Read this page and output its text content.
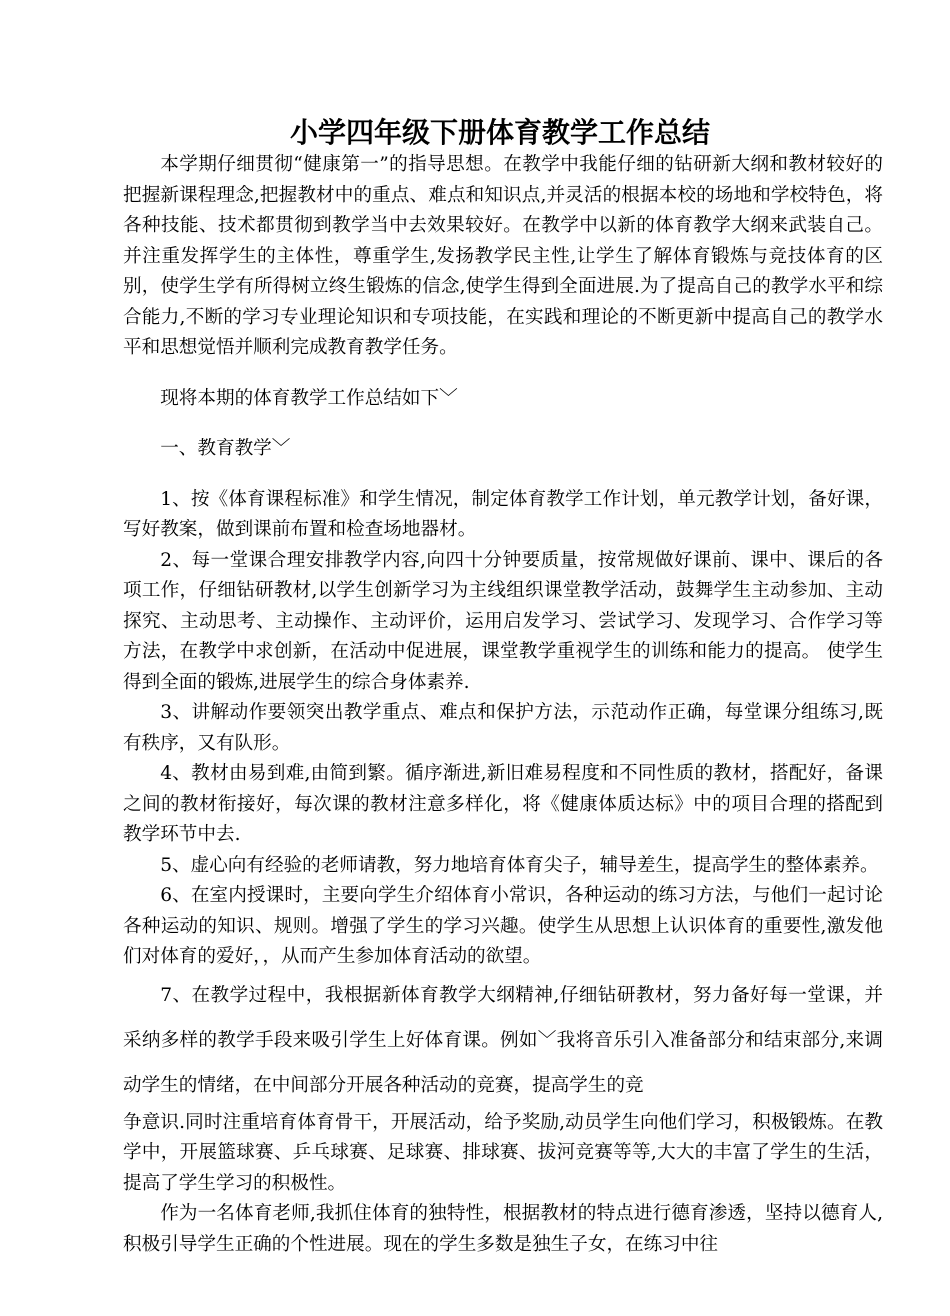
小学四年级下册体育教学工作总结

本学期仔细贯彻“健康第一”的指导思想。在教学中我能仔细的钻研新大纲和教材较好的把握新课程理念,把握教材中的重点、难点和知识点,并灵活的根据本校的场地和学校特色，将各种技能、技术都贯彻到教学当中去效果较好。在教学中以新的体育教学大纲来武装自己。并注重发挥学生的主体性，尊重学生,发扬教学民主性,让学生了解体育锻炼与竞技体育的区别，使学生学有所得树立终生锻炼的信念,使学生得到全面进展.为了提高自己的教学水平和综合能力,不断的学习专业理论知识和专项技能，在实践和理论的不断更新中提高自己的教学水平和思想觉悟并顺利完成教育教学任务。

现将本期的体育教学工作总结如下﹀

一、教育教学﹀

1、按《体育课程标准》和学生情况，制定体育教学工作计划，单元教学计划，备好课，写好教案，做到课前布置和检查场地器材。

2、每一堂课合理安排教学内容,向四十分钟要质量，按常规做好课前、课中、课后的各项工作，仔细钻研教材,以学生创新学习为主线组织课堂教学活动，鼓舞学生主动参加、主动探究、主动思考、主动操作、主动评价，运用启发学习、尝试学习、发现学习、合作学习等方法，在教学中求创新，在活动中促进展，课堂教学重视学生的训练和能力的提高。 使学生得到全面的锻炼,进展学生的综合身体素养.

3、讲解动作要领突出教学重点、难点和保护方法，示范动作正确，每堂课分组练习,既有秩序，又有队形。

4、教材由易到难,由简到繁。循序渐进,新旧难易程度和不同性质的教材，搭配好，备课之间的教材衔接好，每次课的教材注意多样化，将《健康体质达标》中的项目合理的搭配到教学环节中去.

5、虚心向有经验的老师请教，努力地培育体育尖子，辅导差生，提高学生的整体素养。

6、在室内授课时，主要向学生介绍体育小常识，各种运动的练习方法，与他们一起讨论各种运动的知识、规则。增强了学生的学习兴趣。使学生从思想上认识体育的重要性,激发他们对体育的爱好，，从而产生参加体育活动的欲望。

7、在教学过程中，我根据新体育教学大纲精神,仔细钻研教材，努力备好每一堂课，并采纳多样的教学手段来吸引学生上好体育课。例如﹀我将音乐引入准备部分和结束部分,来调动学生的情绪，在中间部分开展各种活动的竞赛，提高学生的竞

争意识.同时注重培育体育骨干，开展活动，给予奖励,动员学生向他们学习，积极锻炼。在教学中，开展篮球赛、乒乓球赛、足球赛、排球赛、拔河竞赛等等,大大的丰富了学生的生活，提高了学生学习的积极性。

作为一名体育老师,我抓住体育的独特性，根据教材的特点进行德育渗透，坚持以德育人,积极引导学生正确的个性进展。现在的学生多数是独生子女，在练习中往
